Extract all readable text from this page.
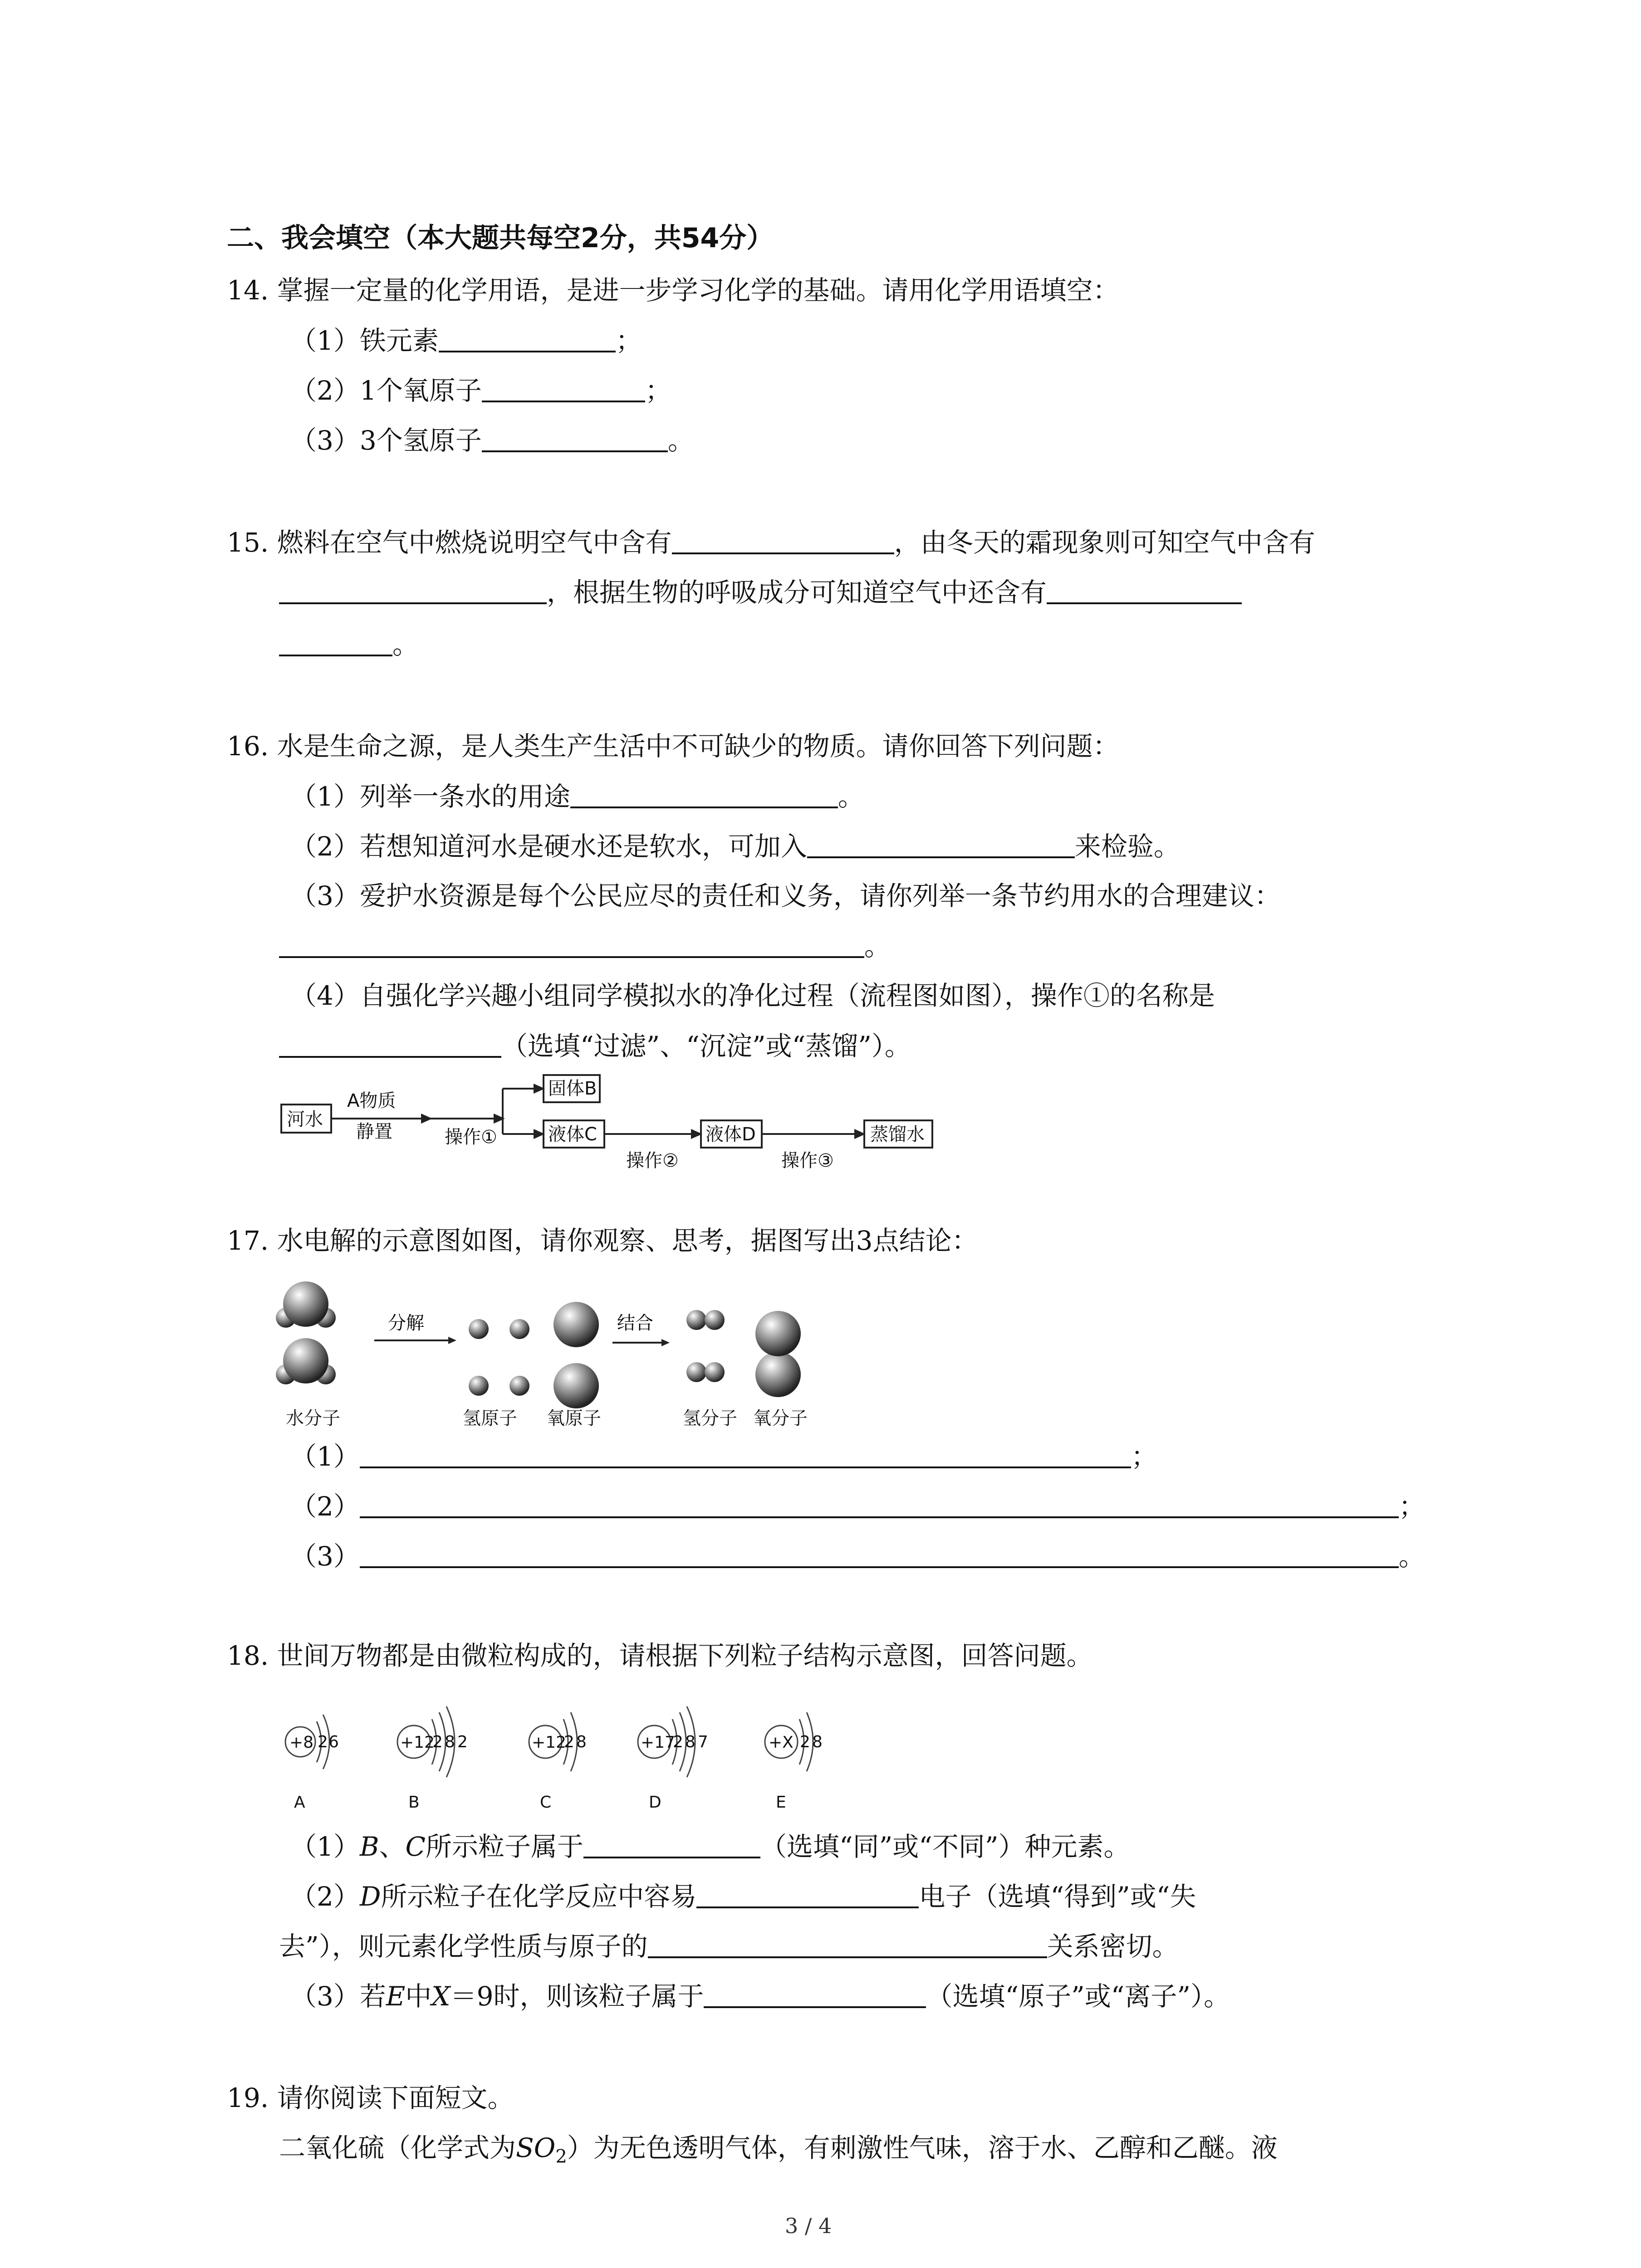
二、我会填空（本大题共每空2分，共54分）
14. 掌握一定量的化学用语，是进一步学习化学的基础。请用化学用语填空：
（1）铁元素	；
（2）1个氧原子	；
（3）3个氢原子	。
15. 燃料在空气中燃烧说明空气中含有	，由冬天的霜现象则可知空气中含有
，根据生物的呼吸成分可知道空气中还含有
。
16. 水是生命之源，是人类生产生活中不可缺少的物质。请你回答下列问题：
（1）列举一条水的用途	。
（2）若想知道河水是硬水还是软水，可加入	来检验。
（3）爱护水资源是每个公民应尽的责任和义务，请你列举一条节约用水的合理建议：
。
（4）自强化学兴趣小组同学模拟水的净化过程（流程图如图），操作①的名称是
（选填“过滤”、“沉淀”或“蒸馏”）。
河水
A物质
静置	操作①
固体B
液体C
操作②
液体D
操作③
蒸馏水
17. 水电解的示意图如图，请你观察、思考，据图写出3点结论：
分解	结合
水分子	氢原子 氧原子	氢分子 氧分子
（1）	；
（2）	；
（3）	。
18. 世间万物都是由微粒构成的，请根据下列粒子结构示意图，回答问题。
+8 2 6
A
+12
2 8 2
B
+12
2 8
C
+17
2 8 7
D
+X 2 8
E
（1）B、C所示粒子属于	（选填“同”或“不同”）种元素。
（2）D所示粒子在化学反应中容易	电子（选填“得到”或“失
去”），则元素化学性质与原子的	关系密切。
（3）若E中X＝9时，则该粒子属于	（选填“原子”或“离子”）。
19. 请你阅读下面短文。
二氧化硫（化学式为$SO_2$）为无色透明气体，有刺激性气味，溶于水、乙醇和乙醚。液
3 / 4
